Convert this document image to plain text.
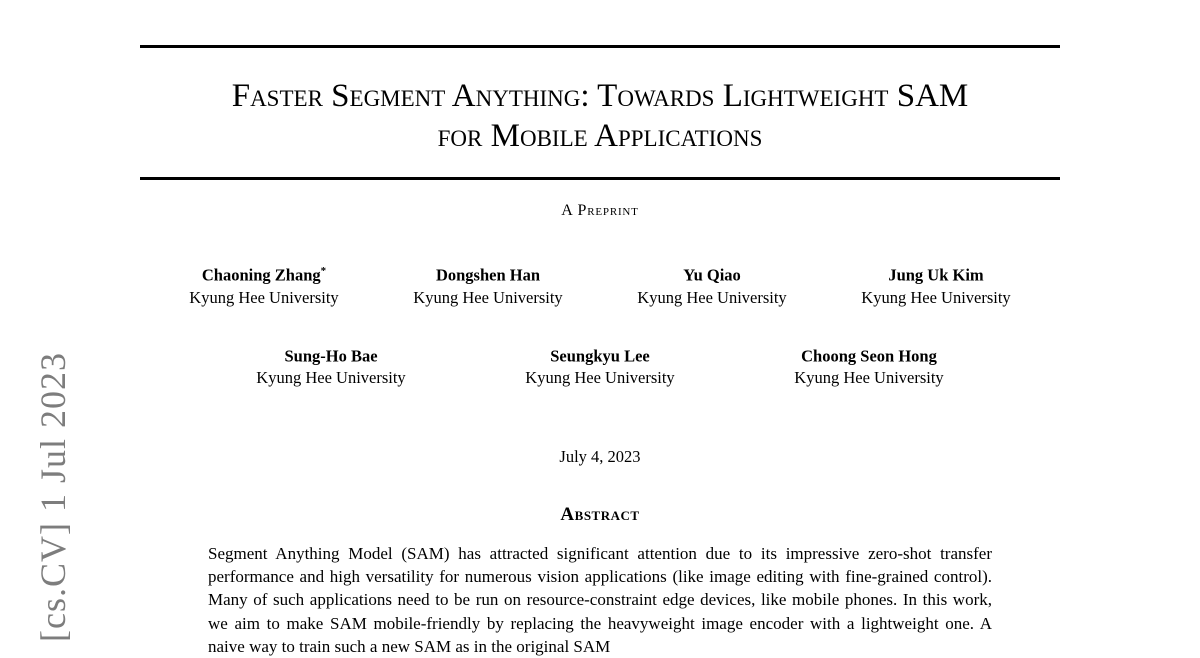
[cs.CV] 1 Jul 2023
Faster Segment Anything: Towards Lightweight SAM
for Mobile Applications
A Preprint
Chaoning Zhang*
Kyung Hee University
Dongshen Han
Kyung Hee University
Yu Qiao
Kyung Hee University
Jung Uk Kim
Kyung Hee University
Sung-Ho Bae
Kyung Hee University
Seungkyu Lee
Kyung Hee University
Choong Seon Hong
Kyung Hee University
July 4, 2023
Abstract

Segment Anything Model (SAM) has attracted significant attention due to its impressive zero-shot transfer performance and high versatility for numerous vision applications (like image editing with fine-grained control). Many of such applications need to be run on resource-constraint edge devices, like mobile phones. In this work, we aim to make SAM mobile-friendly by replacing the heavyweight image encoder with a lightweight one. A naive way to train such a new SAM as in the original SAM
